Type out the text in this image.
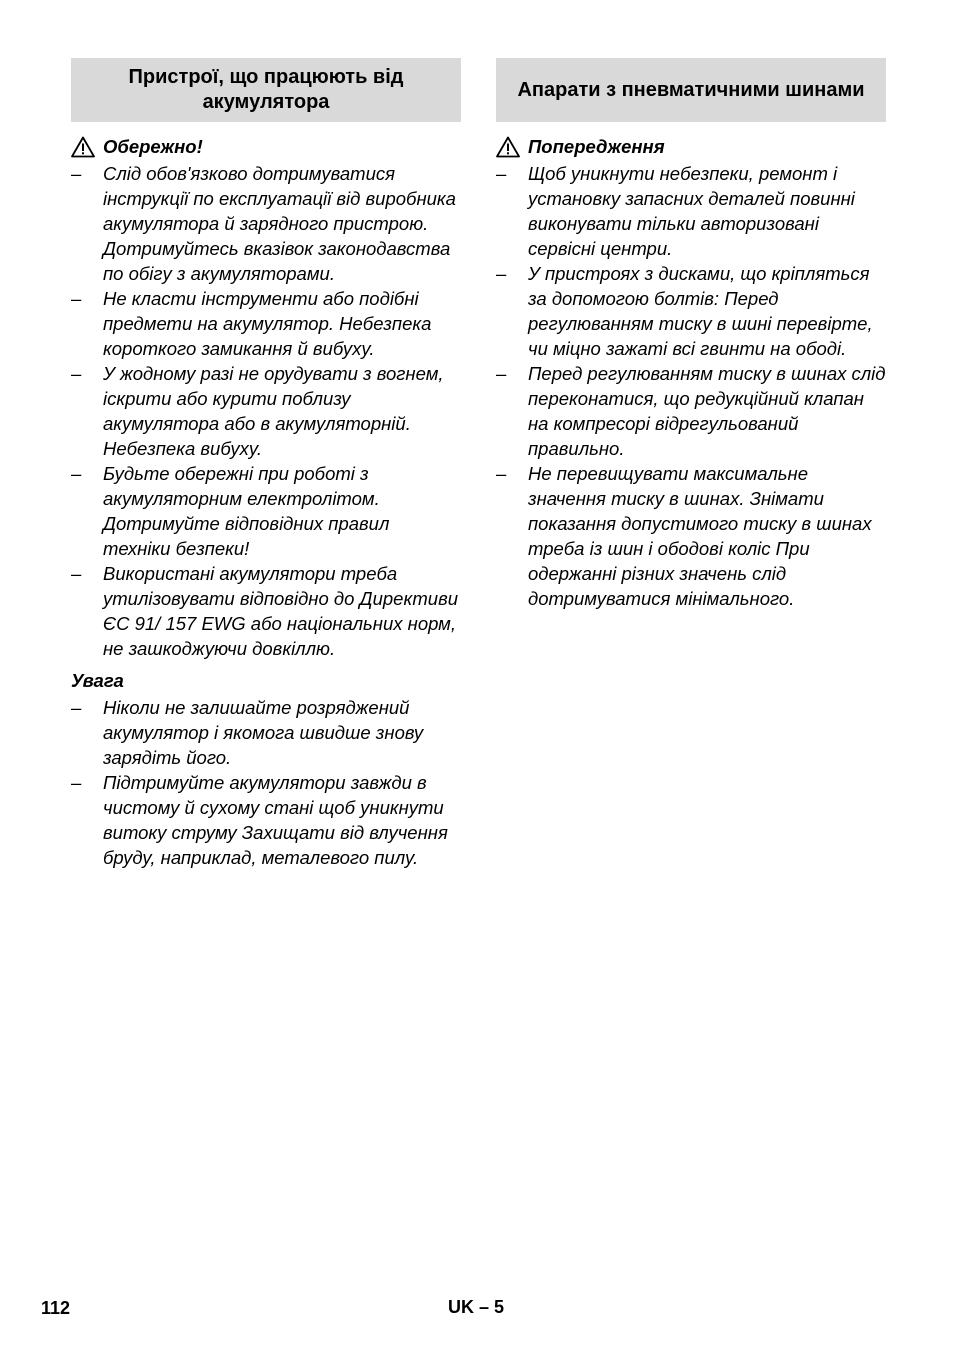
Пристрої, що працюють від акумулятора
Обережно!
– Слід обов'язково дотримуватися інструкції по експлуатації від виробника акумулятора й зарядного пристрою. Дотримуйтесь вказівок законодавства по обігу з акумуляторами.
– Не класти інструменти або подібні предмети на акумулятор. Небезпека короткого замикання й вибуху.
– У жодному разі не орудувати з вогнем, іскрити або курити поблизу акумулятора або в акумуляторній. Небезпека вибуху.
– Будьте обережні при роботі з акумуляторним електролітом. Дотримуйте відповідних правил техніки безпеки!
– Використані акумулятори треба утилізовувати відповідно до Директиви ЄС 91/ 157 EWG або національних норм, не зашкоджуючи довкіллю.
Увага
– Ніколи не залишайте розряджений акумулятор і якомога швидше знову зарядіть його.
– Підтримуйте акумулятори завжди в чистому й сухому стані щоб уникнути витоку струму Захищати від влучення бруду, наприклад, металевого пилу.
Апарати з пневматичними шинами
Попередження
– Щоб уникнути небезпеки, ремонт і установку запасних деталей повинні виконувати тільки авторизовані сервісні центри.
– У пристроях з дисками, що кріпляться за допомогою болтів: Перед регулюванням тиску в шині перевірте, чи міцно зажаті всі гвинти на ободі.
– Перед регулюванням тиску в шинах слід переконатися, що редукційний клапан на компресорі відрегульований правильно.
– Не перевищувати максимальне значення тиску в шинах. Знімати показання допустимого тиску в шинах треба із шин і ободові коліс При одержанні різних значень слід дотримуватися мінімального.
112	UK – 5
